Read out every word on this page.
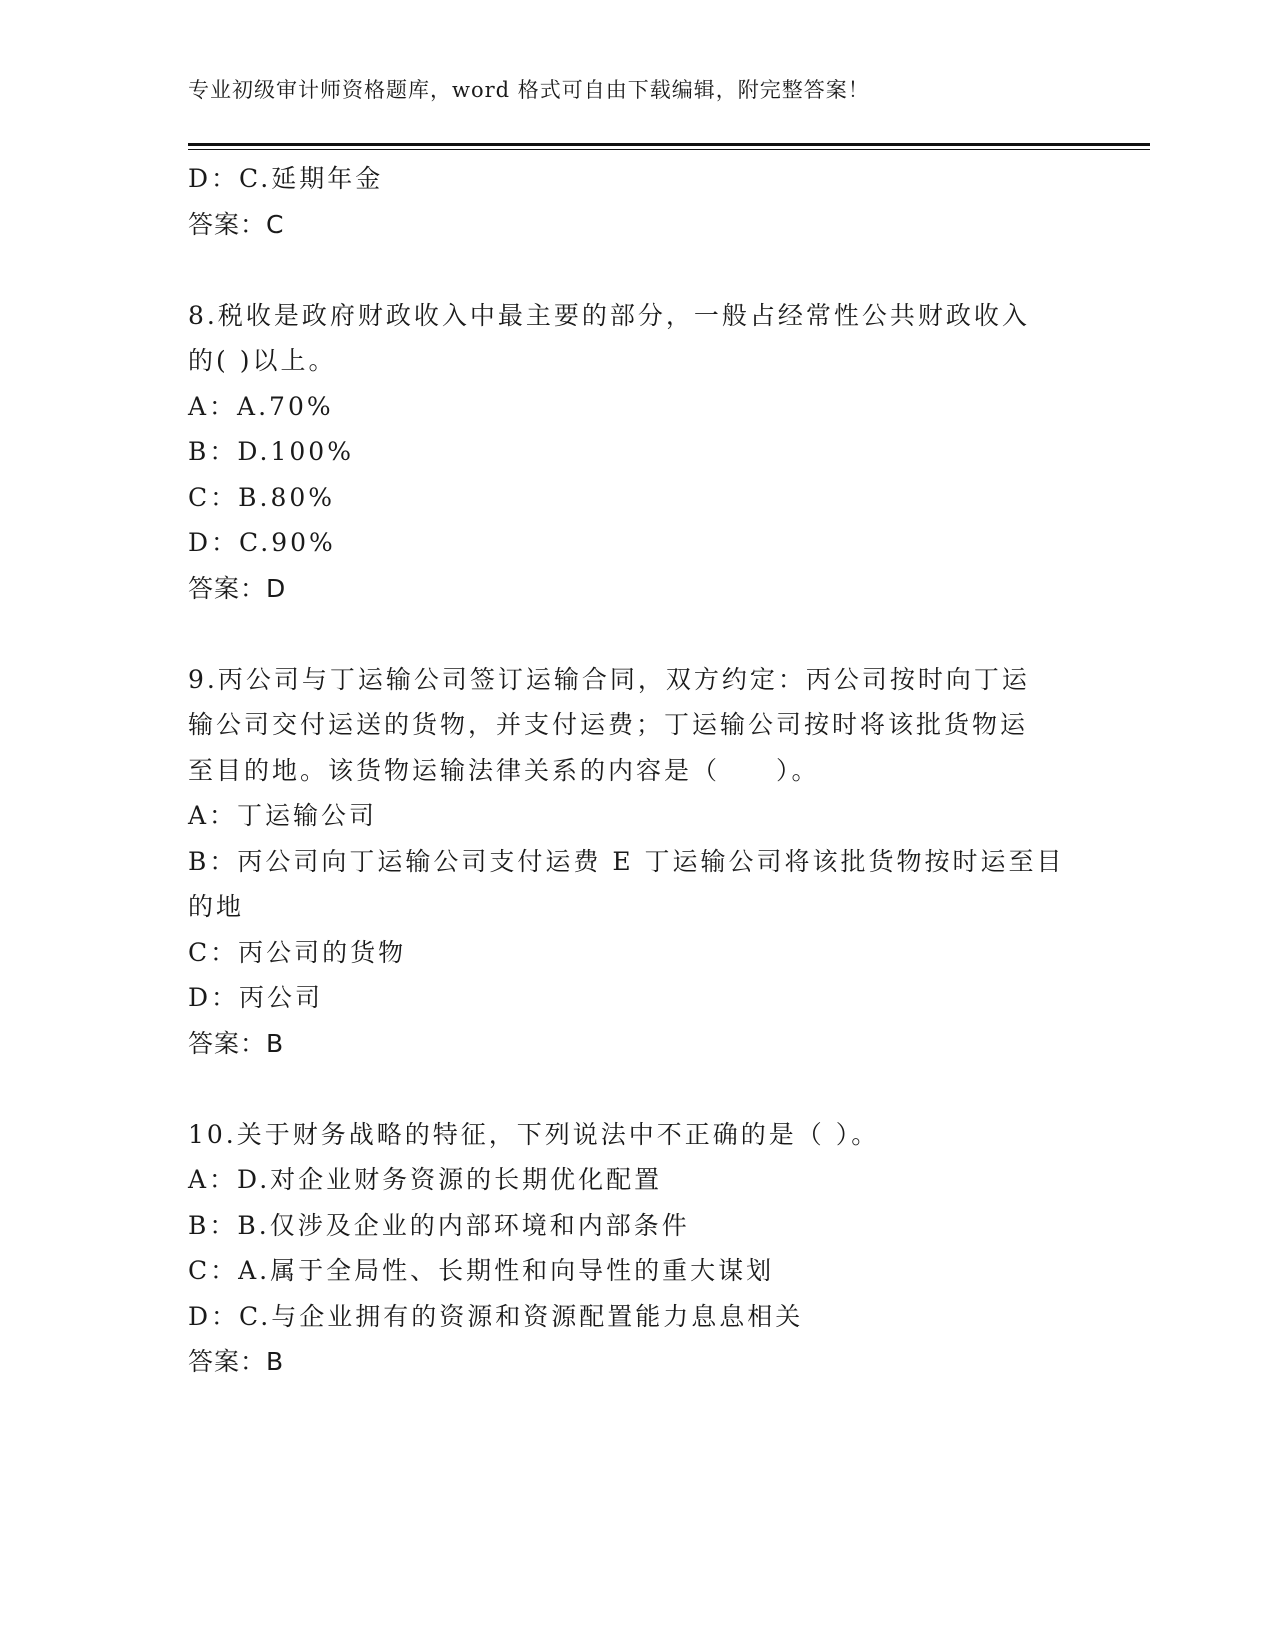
专业初级审计师资格题库，word 格式可自由下载编辑，附完整答案！
D：C.延期年金
答案：C
8.税收是政府财政收入中最主要的部分，一般占经常性公共财政收入
的( )以上。
A：A.70%
B：D.100%
C：B.80%
D：C.90%
答案：D
9.丙公司与丁运输公司签订运输合同，双方约定：丙公司按时向丁运
输公司交付运送的货物，并支付运费；丁运输公司按时将该批货物运
至目的地。该货物运输法律关系的内容是（　　）。
A：丁运输公司
B：丙公司向丁运输公司支付运费 E 丁运输公司将该批货物按时运至目
的地
C：丙公司的货物
D：丙公司
答案：B
10.关于财务战略的特征，下列说法中不正确的是（ ）。
A：D.对企业财务资源的长期优化配置
B：B.仅涉及企业的内部环境和内部条件
C：A.属于全局性、长期性和向导性的重大谋划
D：C.与企业拥有的资源和资源配置能力息息相关
答案：B
